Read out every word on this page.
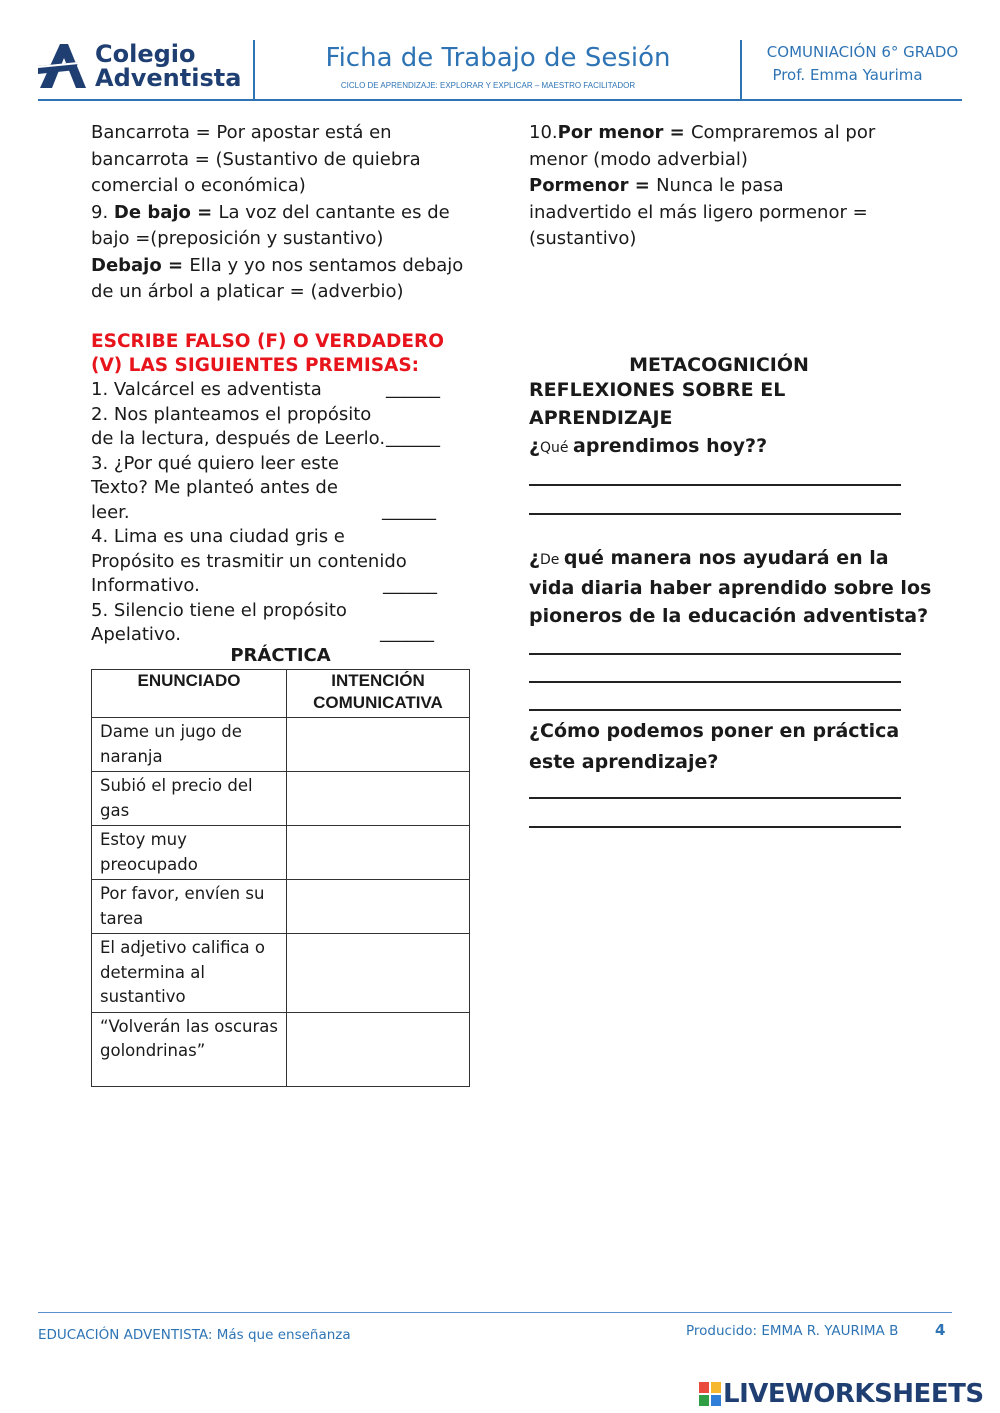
Colegio
Adventista
Ficha de Trabajo de Sesión
CICLO DE APRENDIZAJE: EXPLORAR Y EXPLICAR – MAESTRO FACILITADOR
COMUNIACIÓN 6° GRADO
Prof. Emma Yaurima
Bancarrota = Por apostar está en
bancarrota = (Sustantivo de quiebra
comercial o económica)
9. De bajo = La voz del cantante es de
bajo =(preposición y sustantivo)
Debajo = Ella y yo nos sentamos debajo
de un árbol a platicar = (adverbio)
10.Por menor = Compraremos al por
menor (modo adverbial)
Pormenor = Nunca le pasa
inadvertido el más ligero pormenor =
(sustantivo)
ESCRIBE FALSO (F) O VERDADERO
(V) LAS SIGUIENTES PREMISAS:
1. Valcárcel es adventista
2. Nos planteamos el propósito
de la lectura, después de Leerlo.
3. ¿Por qué quiero leer este
Texto? Me planteó antes de
leer.
4. Lima es una ciudad gris e
Propósito es trasmitir un contenido
Informativo.
5. Silencio tiene el propósito
Apelativo.
______
______
______
______
______
PRÁCTICA
ENUNCIADO	INTENCIÓN
COMUNICATIVA

Dame un jugo de naranja	
Subió el precio del gas	
Estoy muy preocupado	
Por favor, envíen su tarea	
El adjetivo califica o determina al sustantivo	
“Volverán las oscuras golondrinas”	
METACOGNICIÓN
REFLEXIONES SOBRE EL
APRENDIZAJE
¿Qué aprendimos hoy??
¿De qué manera nos ayudará en la
vida diaria haber aprendido sobre los
pioneros de la educación adventista?
¿Cómo podemos poner en práctica
este aprendizaje?
EDUCACIÓN ADVENTISTA: Más que enseñanza	Producido: EMMA R. YAURIMA B 4
LIVEWORKSHEETS
